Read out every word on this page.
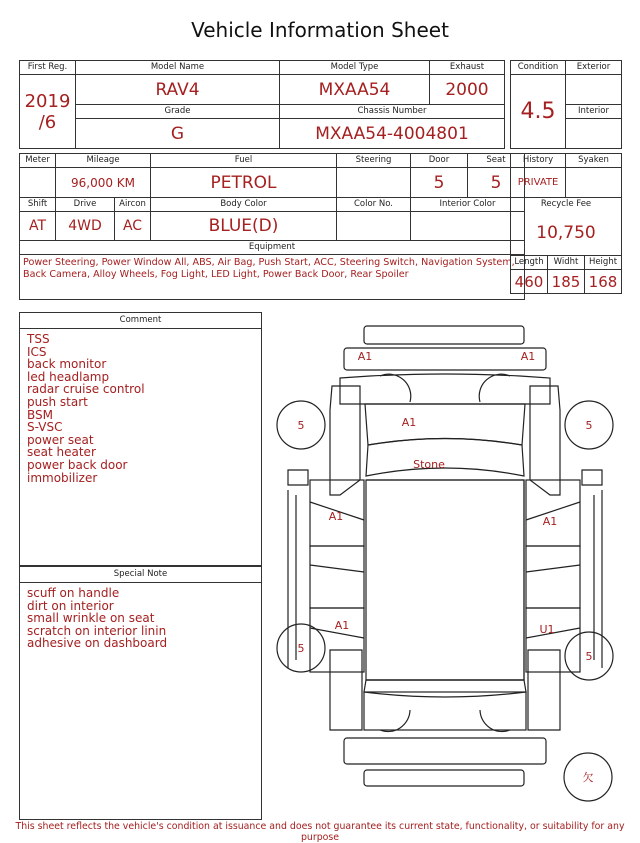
Vehicle Information Sheet
First Reg.	Model Name	Model Type	Exhaust

2019
/6	RAV4	MXAA54	2000
	Grade	Chassis Number	
	G	MXAA54-4004801	
Condition	Exterior
4.5	
	Interior

Meter	Mileage		Fuel	Steering	Door	Seat
	96,000 KM		PETROL		5	5
Shift	Drive	Aircon	Body Color	Color No.	Interior Color	
AT	4WD	AC	BLUE(D)			
Equipment						
Power Steering, Power Window All, ABS, Air Bag, Push Start, ACC, Steering Switch, Navigation System, Back Camera, Alloy Wheels, Fog Light, LED Light, Power Back Door, Rear Spoiler						
History		Syaken	
PRIVATE			
Recycle Fee			
10,750			
Length	Widht		Height
460	185		168
Comment
TSS
ICS
back monitor
led headlamp
radar cruise control
push start
BSM
S-VSC
power seat
seat heater
power back door
immobilizer
Special Note
scuff on handle
dirt on interior
small wrinkle on seat
scratch on interior linin
adhesive on dashboard
A1	A1
A1
Stone
A1	A1
A1	U1
5	5
5
5
欠
This sheet reflects the vehicle's condition at issuance and does not guarantee its current state, functionality, or suitability for any purpose
